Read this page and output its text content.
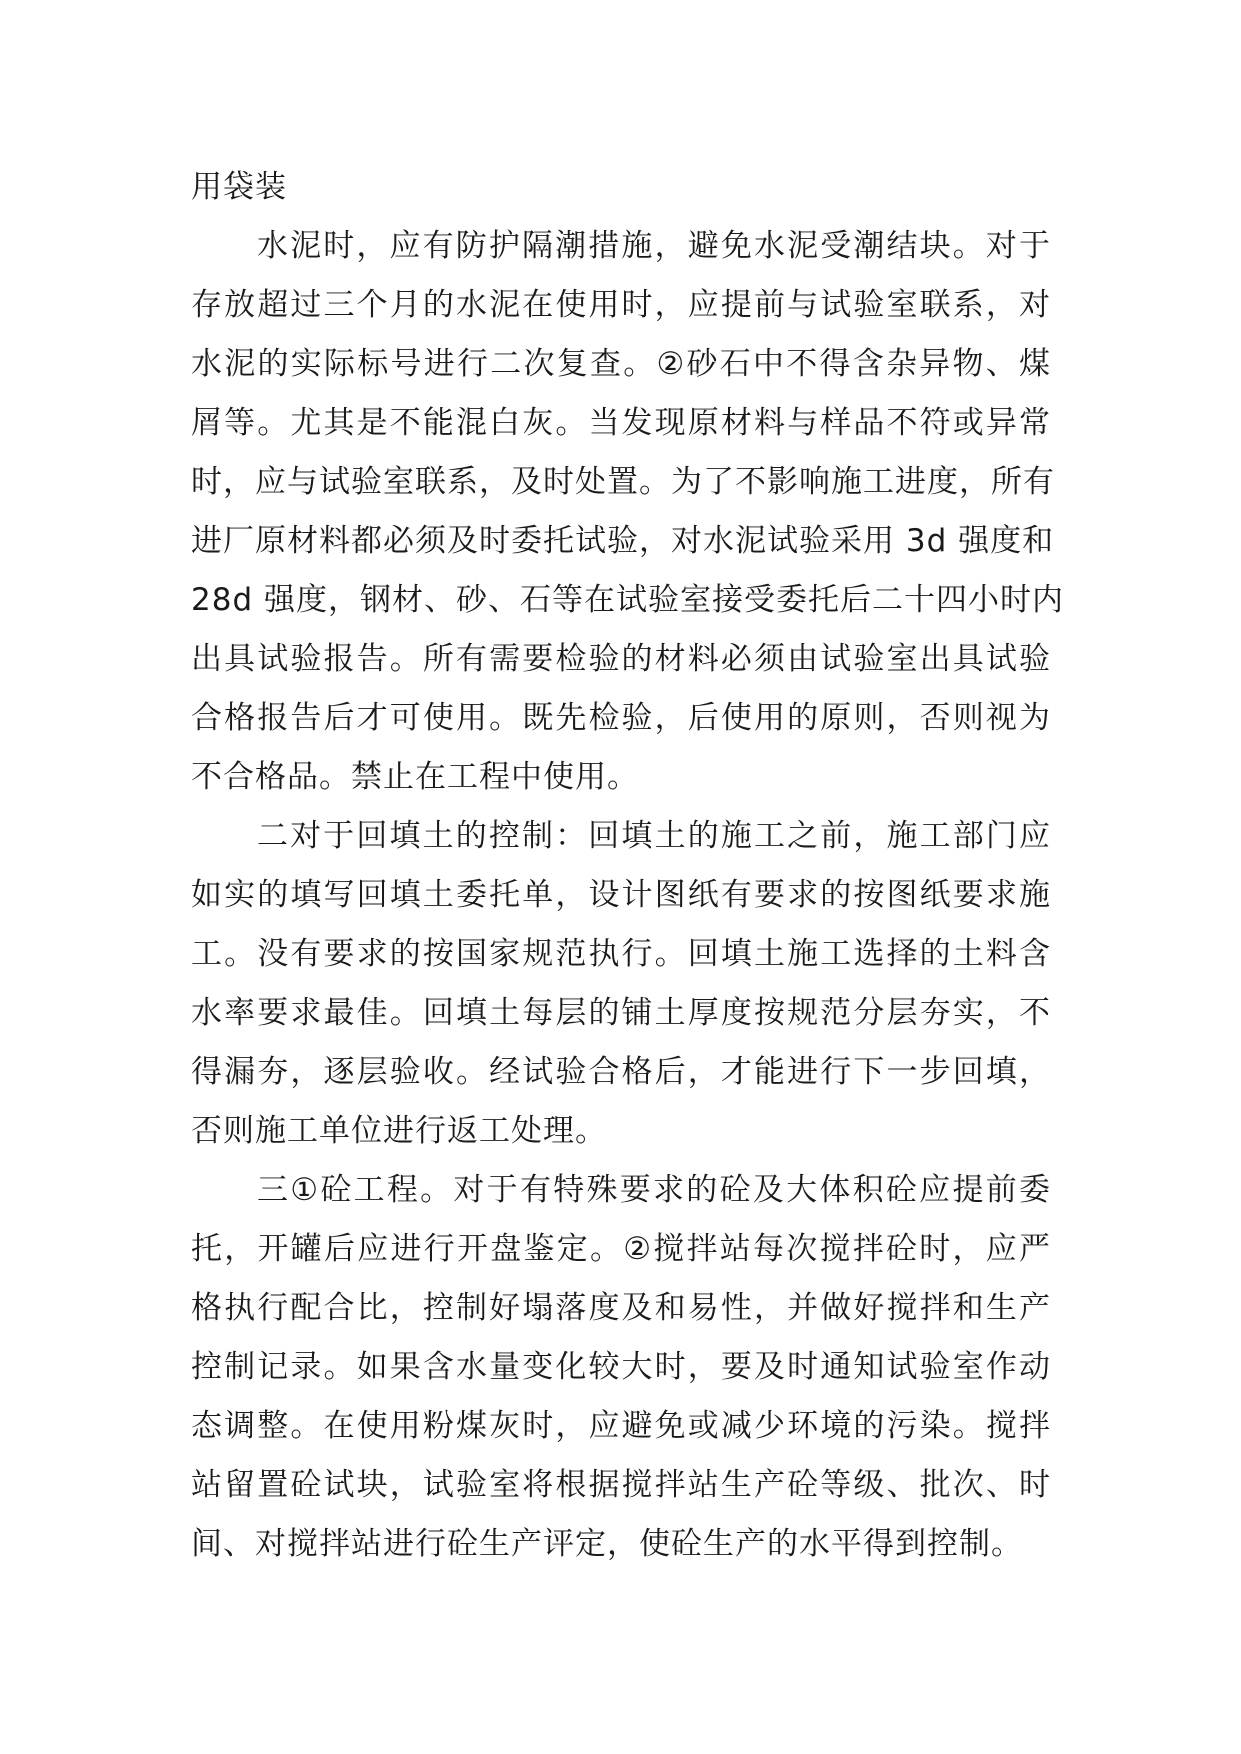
用袋装
水泥时，应有防护隔潮措施，避免水泥受潮结块。对于
存放超过三个月的水泥在使用时，应提前与试验室联系，对
水泥的实际标号进行二次复查。②砂石中不得含杂异物、煤
屑等。尤其是不能混白灰。当发现原材料与样品不符或异常
时，应与试验室联系，及时处置。为了不影响施工进度，所有
进厂原材料都必须及时委托试验，对水泥试验采用 3d 强度和
28d 强度，钢材、砂、石等在试验室接受委托后二十四小时内
出具试验报告。所有需要检验的材料必须由试验室出具试验
合格报告后才可使用。既先检验，后使用的原则，否则视为
不合格品。禁止在工程中使用。
二对于回填土的控制：回填土的施工之前，施工部门应
如实的填写回填土委托单，设计图纸有要求的按图纸要求施
工。没有要求的按国家规范执行。回填土施工选择的土料含
水率要求最佳。回填土每层的铺土厚度按规范分层夯实，不
得漏夯，逐层验收。经试验合格后，才能进行下一步回填，
否则施工单位进行返工处理。
三①砼工程。对于有特殊要求的砼及大体积砼应提前委
托，开罐后应进行开盘鉴定。②搅拌站每次搅拌砼时，应严
格执行配合比，控制好塌落度及和易性，并做好搅拌和生产
控制记录。如果含水量变化较大时，要及时通知试验室作动
态调整。在使用粉煤灰时，应避免或减少环境的污染。搅拌
站留置砼试块，试验室将根据搅拌站生产砼等级、批次、时
间、对搅拌站进行砼生产评定，使砼生产的水平得到控制。
